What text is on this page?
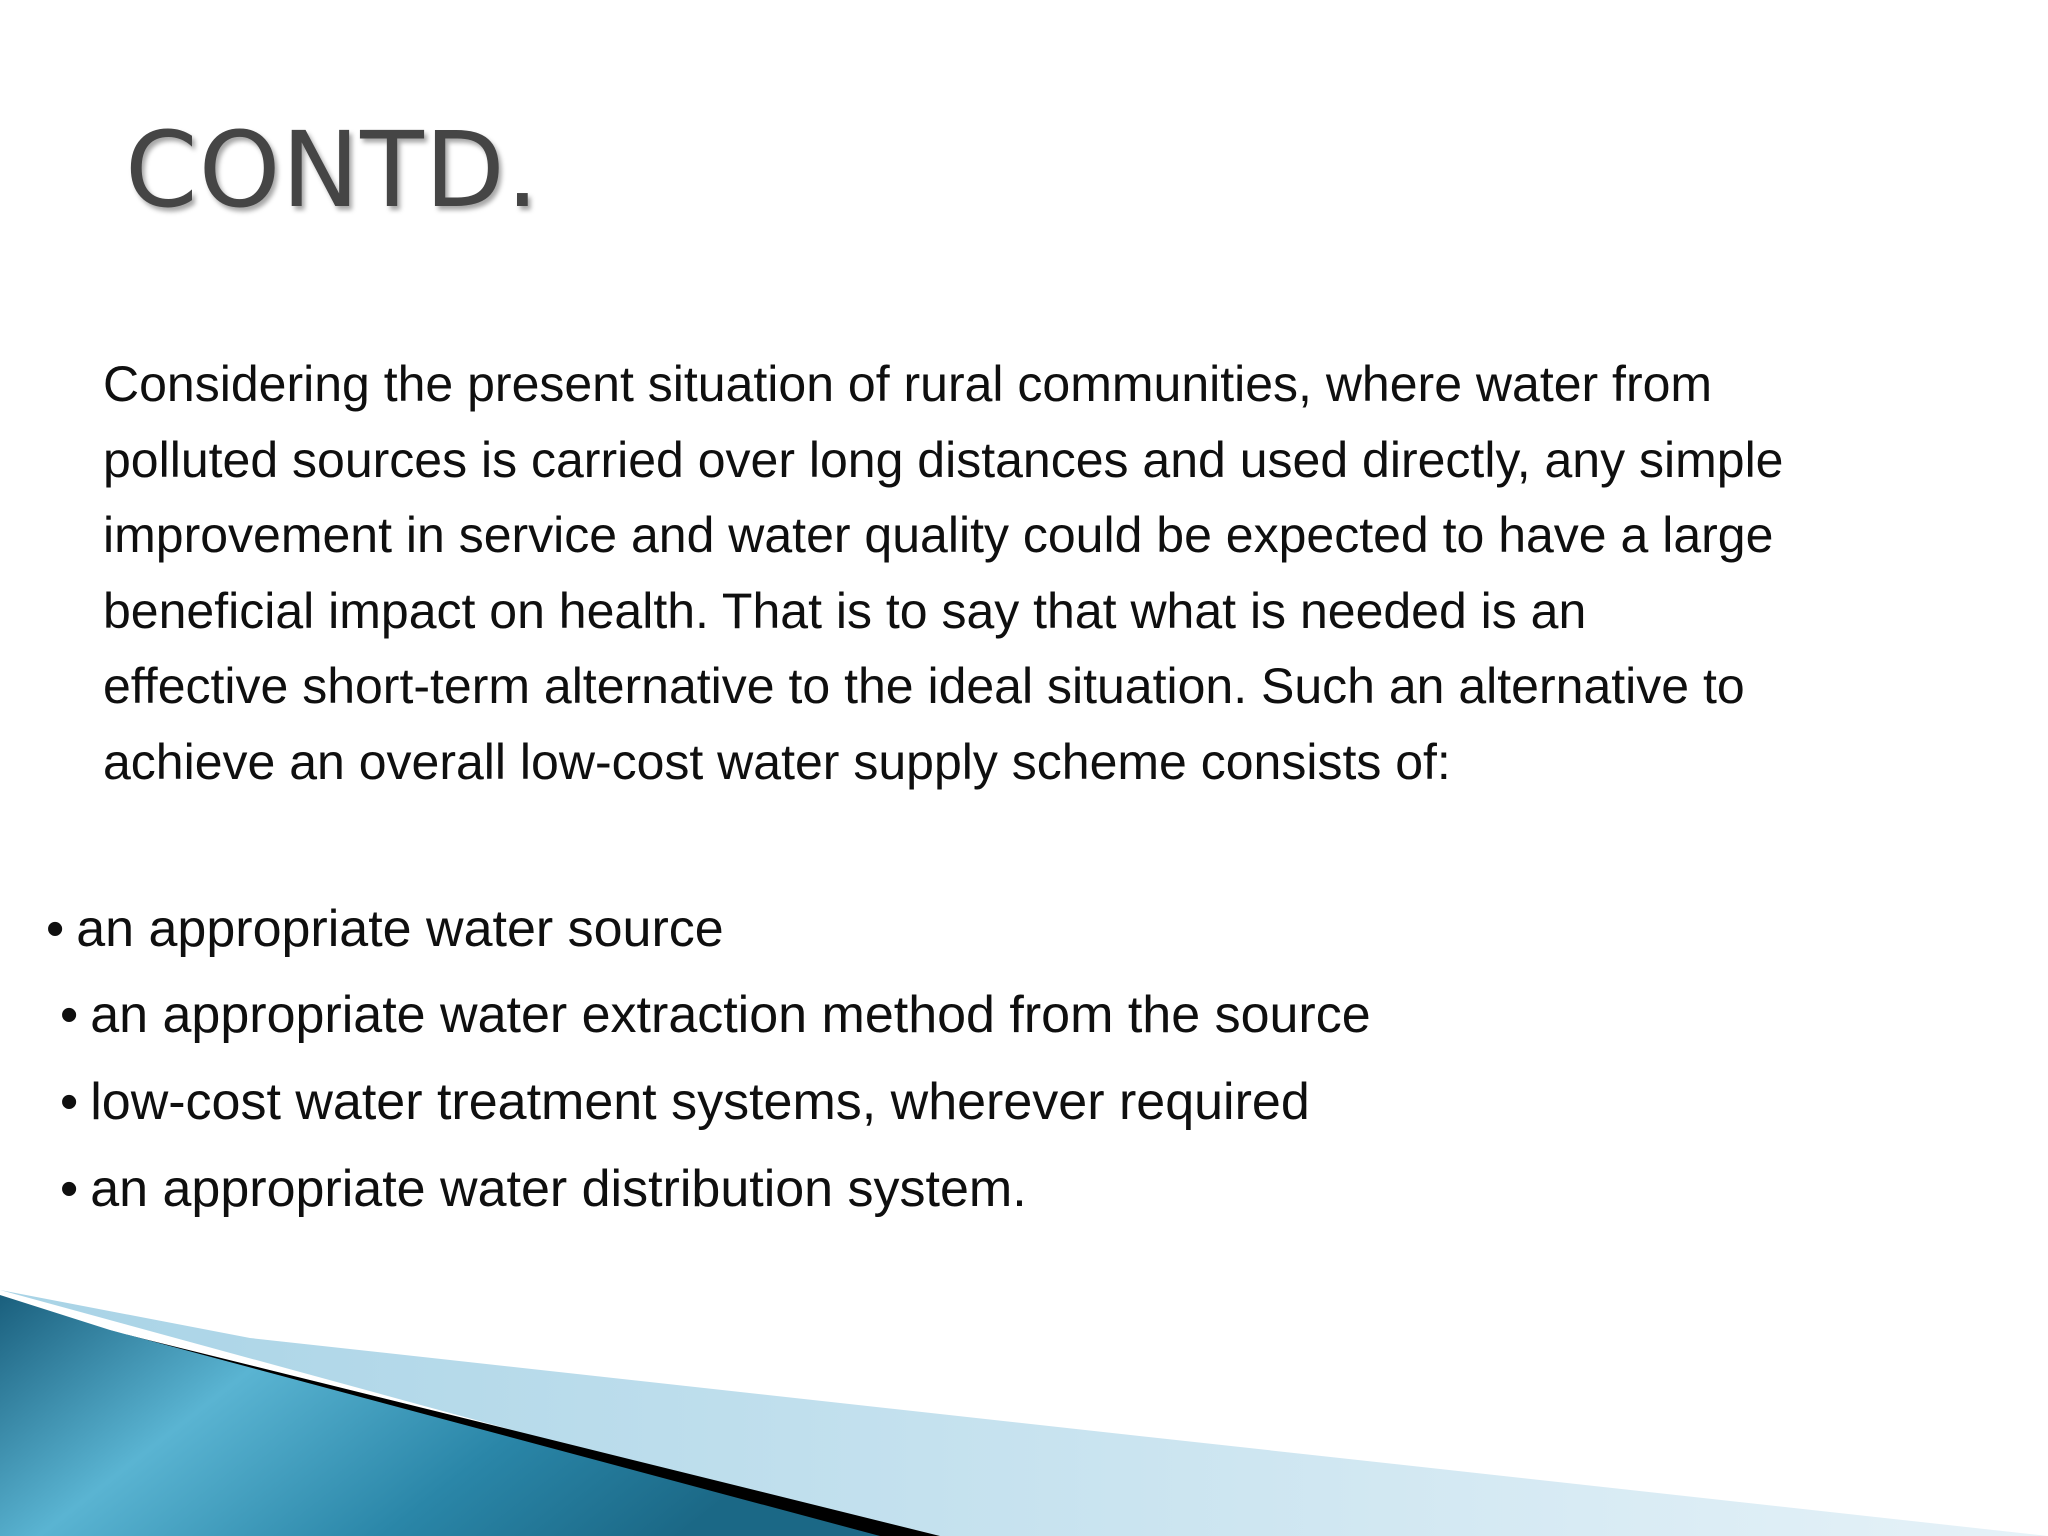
CONTD.

Considering the present situation of rural communities, where water from
polluted sources is carried over long distances and used directly, any simple
improvement in service and water quality could be expected to have a large
beneficial impact on health. That is to say that what is needed is an
effective short-term alternative to the ideal situation. Such an alternative to
achieve an overall low-cost water supply scheme consists of:

• an appropriate water source
• an appropriate water extraction method from the source
• low-cost water treatment systems, wherever required
• an appropriate water distribution system.
